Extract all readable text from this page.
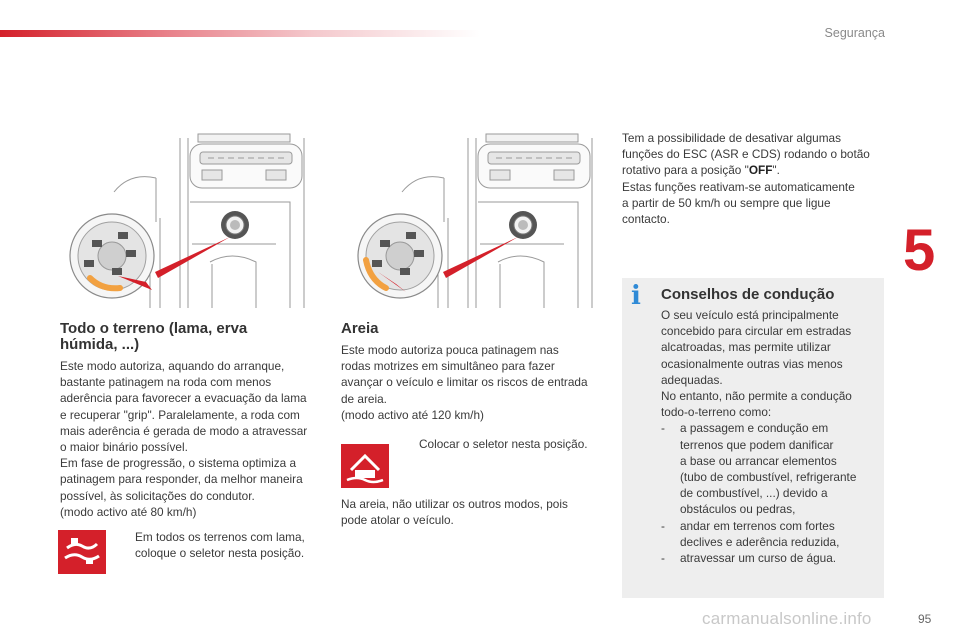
Segurança
Todo o terreno (lama, erva
húmida, ...)

Este modo autoriza, aquando do arranque,

bastante patinagem na roda com menos

aderência para favorecer a evacuação da lama

e recuperar "grip". Paralelamente, a roda com

mais aderência é gerada de modo a atravessar

o maior binário possível.

Em fase de progressão, o sistema optimiza a

patinagem para responder, da melhor maneira

possível, às solicitações do condutor.

(modo activo até 80 km/h)

Em todos os terrenos com lama,
coloque o seletor nesta posição.
Areia

Este modo autoriza pouca patinagem nas

rodas motrizes em simultâneo para fazer

avançar o veículo e limitar os riscos de entrada

de areia.

(modo activo até 120 km/h)

Colocar o seletor nesta posição.

Na areia, não utilizar os outros modos, pois

pode atolar o veículo.

Tem a possibilidade de desativar algumas

funções do ESC (ASR e CDS) rodando o botão

rotativo para a posição "OFF".

Estas funções reativam-se automaticamente

a partir de 50 km/h ou sempre que ligue

contacto.

i Conselhos de condução

O seu veículo está principalmente

concebido para circular em estradas

alcatroadas, mas permite utilizar

ocasionalmente outras vias menos

adequadas.

No entanto, não permite a condução

todo-o-terreno como:

- a passagem e condução em
terrenos que podem danificar
a base ou arrancar elementos
(tubo de combustível, refrigerante
de combustível, ...) devido a
obstáculos ou pedras,
- andar em terrenos com fortes
declives e aderência reduzida,
- atravessar um curso de água.
5
carmanualsonline.info	95
